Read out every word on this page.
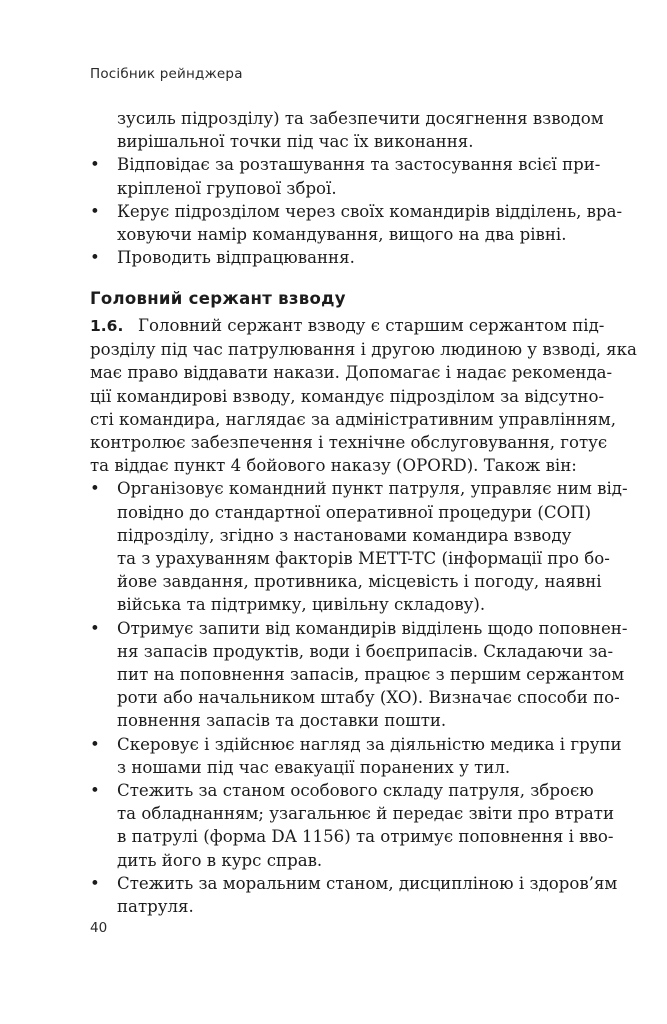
Посібник рейнджера
зусиль підрозділу) та забезпечити досягнення взводом
вирішальної точки під час їх виконання.
•	Відповідає за розташування та застосування всієї при-
кріпленої групової зброї.
•	Керує підрозділом через своїх командирів відділень, вра-
ховуючи намір командування, вищого на два рівні.
•	Проводить відпрацювання.
Головний сержант взводу
1.6. Головний сержант взводу є старшим сержантом під-
розділу під час патрулювання і другою людиною у взводі, яка
має право віддавати накази. Допомагає і надає рекоменда-
ції командирові взводу, командує підрозділом за відсутно-
сті командира, наглядає за адміністративним управлінням,
контролює забезпечення і технічне обслуговування, готує
та віддає пункт 4 бойового наказу (OPORD). Також він:
•	Організовує командний пункт патруля, управляє ним від-
повідно до стандартної оперативної процедури (СОП)
підрозділу, згідно з настановами командира взводу
та з урахуванням факторів METT-TC (інформації про бо-
йове завдання, противника, місцевість і погоду, наявні
війська та підтримку, цивільну складову).
•	Отримує запити від командирів відділень щодо поповнен-
ня запасів продуктів, води і боєприпасів. Складаючи за-
пит на поповнення запасів, працює з першим сержантом
роти або начальником штабу (XO). Визначає способи по-
повнення запасів та доставки пошти.
•	Скеровує і здійснює нагляд за діяльністю медика і групи
з ношами під час евакуації поранених у тил.
•	Стежить за станом особового складу патруля, зброєю
та обладнанням; узагальнює й передає звіти про втрати
в патрулі (форма DA 1156) та отримує поповнення і вво-
дить його в курс справ.
•	Стежить за моральним станом, дисципліною і здоров’ям
патруля.
40
